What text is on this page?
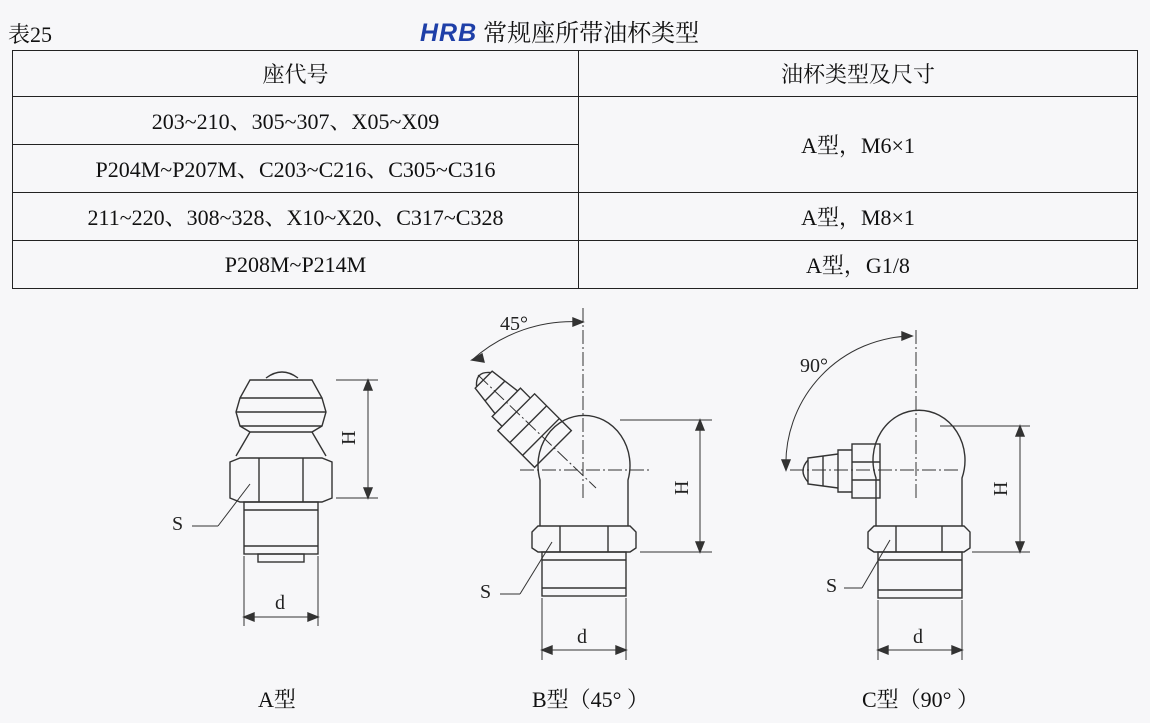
表25	HRB 常规座所带油杯类型
座代号	油杯类型及尺寸
203~210、305~307、X05~X09	A型，M6×1
P204M~P207M、C203~C216、C305~C316	
211~220、308~328、X10~X20、C317~C328	A型，M8×1
P208M~P214M	A型，G1/8
H
S
d
45°
H
S
d
90°
H
S
d
A型	B型（45° ）	C型（90° ）
